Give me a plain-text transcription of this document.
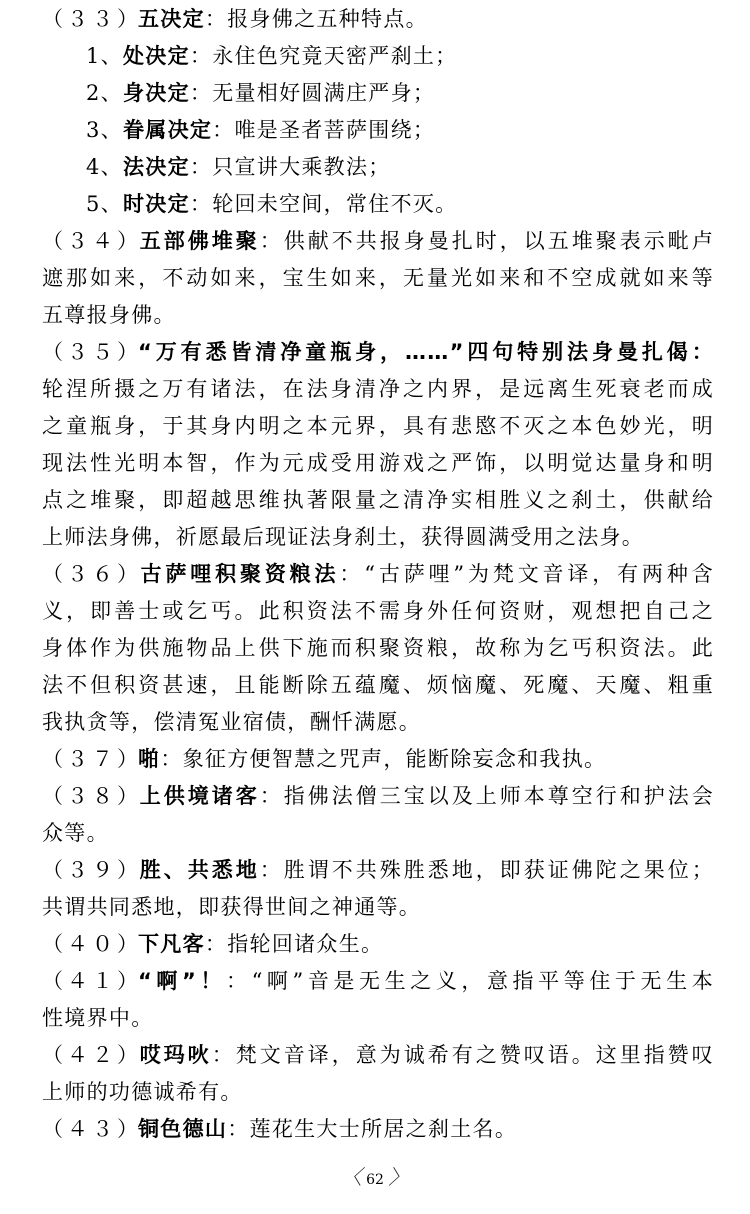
（３３）五决定：报身佛之五种特点。
1、处决定：永住色究竟天密严刹土；
2、身决定：无量相好圆满庄严身；
3、眷属决定：唯是圣者菩萨围绕；
4、法决定：只宣讲大乘教法；
5、时决定：轮回未空间，常住不灭。
（３４）五部佛堆聚：供献不共报身曼扎时，以五堆聚表示毗卢
遮那如来，不动如来，宝生如来，无量光如来和不空成就如来等
五尊报身佛。
（３５）“万有悉皆清净童瓶身，……”四句特别法身曼扎偈：
轮涅所摄之万有诸法，在法身清净之内界，是远离生死衰老而成
之童瓶身，于其身内明之本元界，具有悲愍不灭之本色妙光，明
现法性光明本智，作为元成受用游戏之严饰，以明觉达量身和明
点之堆聚，即超越思维执著限量之清净实相胜义之刹土，供献给
上师法身佛，祈愿最后现证法身刹土，获得圆满受用之法身。
（３６）古萨哩积聚资粮法：“古萨哩”为梵文音译，有两种含
义，即善士或乞丐。此积资法不需身外任何资财，观想把自己之
身体作为供施物品上供下施而积聚资粮，故称为乞丐积资法。此
法不但积资甚速，且能断除五蕴魔、烦恼魔、死魔、天魔、粗重
我执贪等，偿清冤业宿债，酬忏满愿。
（３７）啪：象征方便智慧之咒声，能断除妄念和我执。
（３８）上供境诸客：指佛法僧三宝以及上师本尊空行和护法会
众等。
（３９）胜、共悉地：胜谓不共殊胜悉地，即获证佛陀之果位；
共谓共同悉地，即获得世间之神通等。
（４０）下凡客：指轮回诸众生。
（４１）“啊”！：“啊”音是无生之义，意指平等住于无生本
性境界中。
（４２）哎玛吙：梵文音译，意为诚希有之赞叹语。这里指赞叹
上师的功德诚希有。
（４３）铜色德山：莲花生大士所居之刹土名。
〈 62 〉
